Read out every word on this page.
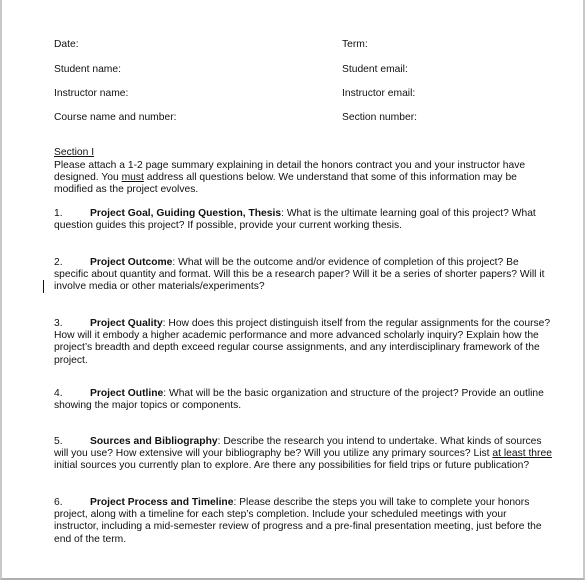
Date:	Term:
Student name:	Student email:
Instructor name:	Instructor email:
Course name and number:	Section number:
Section I
Please attach a 1-2 page summary explaining in detail the honors contract you and your instructor have designed. You must address all questions below. We understand that some of this information may be modified as the project evolves.
1.	Project Goal, Guiding Question, Thesis: What is the ultimate learning goal of this project? What question guides this project? If possible, provide your current working thesis.
2.	Project Outcome: What will be the outcome and/or evidence of completion of this project? Be specific about quantity and format. Will this be a research paper? Will it be a series of shorter papers? Will it involve media or other materials/experiments?
3.	Project Quality: How does this project distinguish itself from the regular assignments for the course? How will it embody a higher academic performance and more advanced scholarly inquiry? Explain how the project’s breadth and depth exceed regular course assignments, and any interdisciplinary framework of the project.
4.	Project Outline: What will be the basic organization and structure of the project? Provide an outline showing the major topics or components.
5.	Sources and Bibliography: Describe the research you intend to undertake. What kinds of sources will you use? How extensive will your bibliography be? Will you utilize any primary sources? List at least three initial sources you currently plan to explore. Are there any possibilities for field trips or future publication?
6.	Project Process and Timeline: Please describe the steps you will take to complete your honors project, along with a timeline for each step’s completion. Include your scheduled meetings with your instructor, including a mid-semester review of progress and a pre-final presentation meeting, just before the end of the term.
